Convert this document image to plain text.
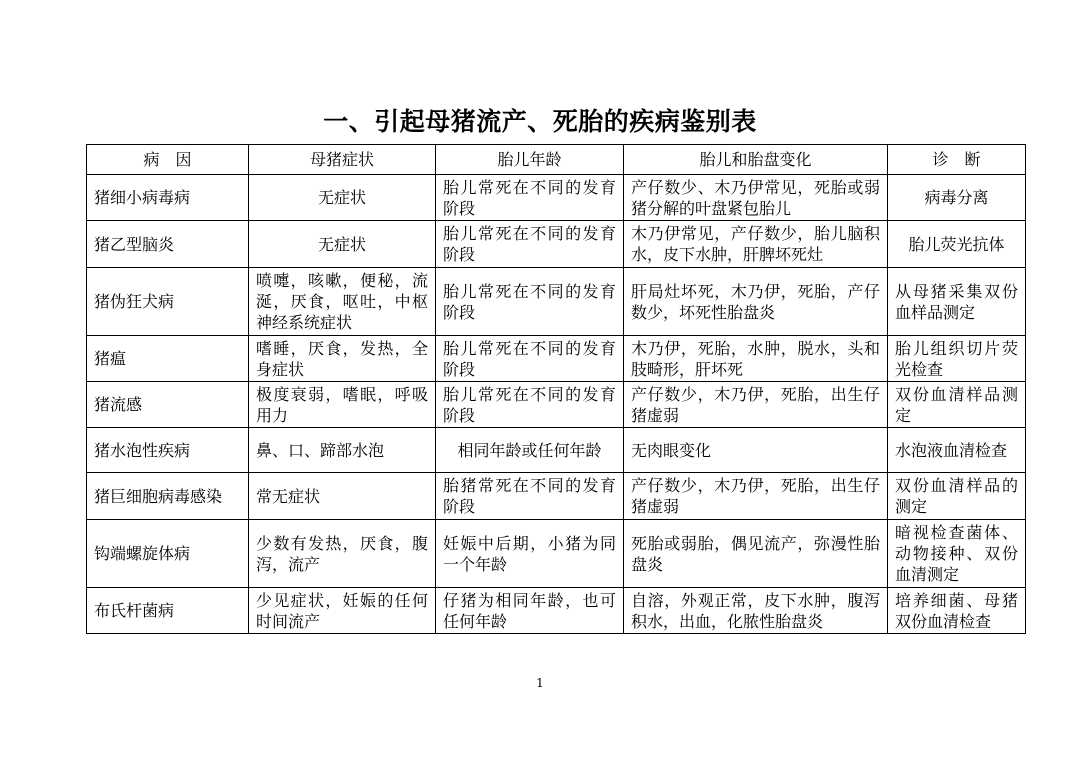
一、引起母猪流产、死胎的疾病鉴别表
病　因	母猪症状	胎儿年龄	胎儿和胎盘变化	诊　断
猪细小病毒病	无症状	胎儿常死在不同的发育阶段	产仔数少、木乃伊常见，死胎或弱猪分解的叶盘紧包胎儿	病毒分离
猪乙型脑炎	无症状	胎儿常死在不同的发育阶段	木乃伊常见，产仔数少，胎儿脑积水，皮下水肿，肝脾坏死灶	胎儿荧光抗体
猪伪狂犬病	喷嚏，咳嗽，便秘，流涎，厌食，呕吐，中枢神经系统症状	胎儿常死在不同的发育阶段	肝局灶坏死，木乃伊，死胎，产仔数少，坏死性胎盘炎	从母猪采集双份血样品测定
猪瘟	嗜睡，厌食，发热，全身症状	胎儿常死在不同的发育阶段	木乃伊，死胎，水肿，脱水，头和肢畸形，肝坏死	胎儿组织切片荧光检查
猪流感	极度衰弱，嗜眠，呼吸用力	胎儿常死在不同的发育阶段	产仔数少，木乃伊，死胎，出生仔猪虚弱	双份血清样品测定
猪水泡性疾病	鼻、口、蹄部水泡	相同年龄或任何年龄	无肉眼变化	水泡液血清检查
猪巨细胞病毒感染	常无症状	胎猪常死在不同的发育阶段	产仔数少，木乃伊，死胎，出生仔猪虚弱	双份血清样品的测定
钩端螺旋体病	少数有发热，厌食，腹泻，流产	妊娠中后期，小猪为同一个年龄	死胎或弱胎，偶见流产，弥漫性胎盘炎	暗视检查菌体、动物接种、双份血清测定
布氏杆菌病	少见症状，妊娠的任何时间流产	仔猪为相同年龄，也可任何年龄	自溶，外观正常，皮下水肿，腹泻积水，出血，化脓性胎盘炎	培养细菌、母猪双份血清检查
1
